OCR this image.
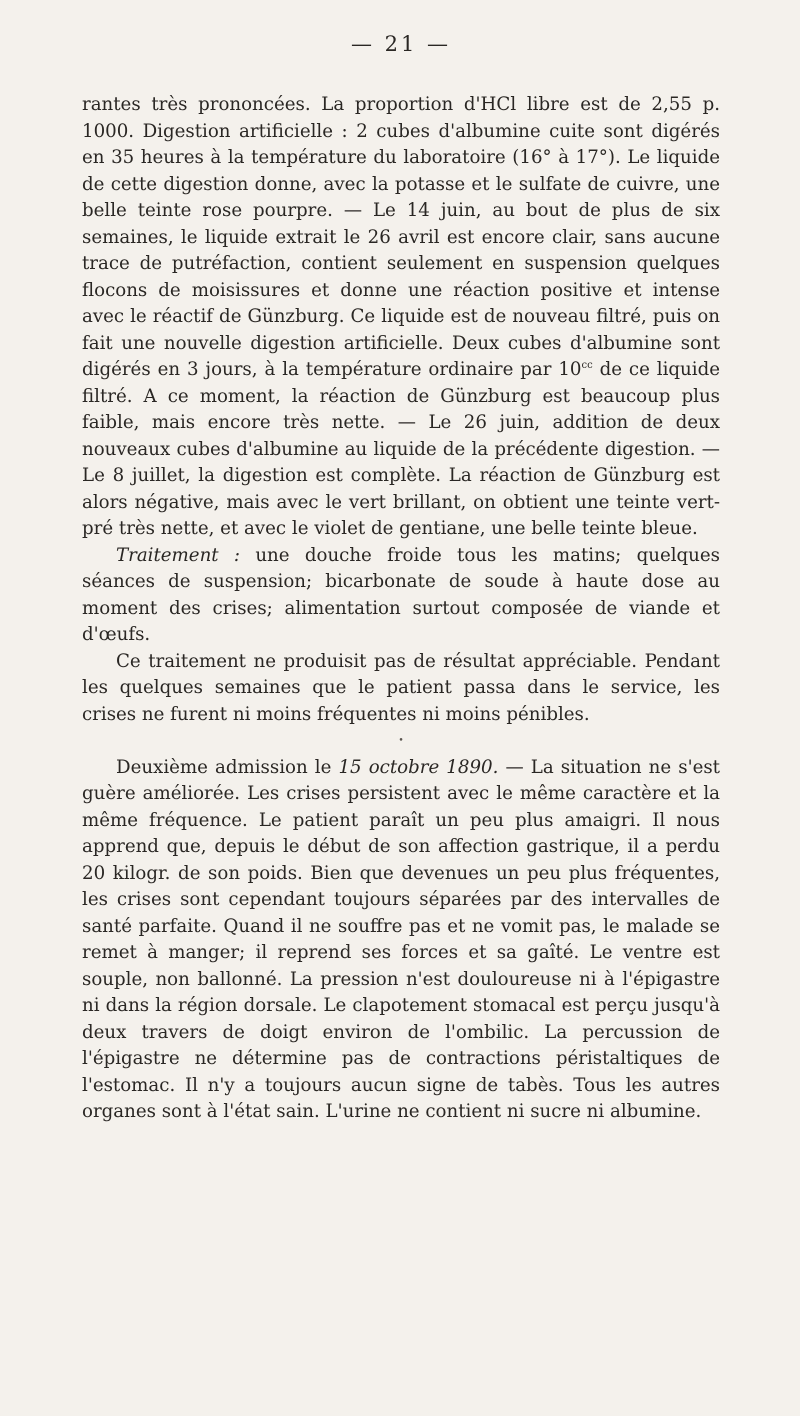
— 21 —

rantes très prononcées. La proportion d'HCl libre est de 2,55 p. 1000. Digestion artificielle : 2 cubes d'albumine cuite sont digérés en 35 heures à la température du laboratoire (16° à 17°). Le liquide de cette digestion donne, avec la potasse et le sulfate de cuivre, une belle teinte rose pourpre. — Le 14 juin, au bout de plus de six semaines, le liquide extrait le 26 avril est encore clair, sans aucune trace de putréfaction, contient seulement en suspension quelques flocons de moisissures et donne une réaction positive et intense avec le réactif de Günzburg. Ce liquide est de nouveau filtré, puis on fait une nouvelle digestion artificielle. Deux cubes d'albumine sont digérés en 3 jours, à la température ordinaire par $10^{cc}$ de ce liquide filtré. A ce moment, la réaction de Günzburg est beaucoup plus faible, mais encore très nette. — Le 26 juin, addition de deux nouveaux cubes d'albumine au liquide de la précédente digestion. — Le 8 juillet, la digestion est complète. La réaction de Günzburg est alors négative, mais avec le vert brillant, on obtient une teinte vert-pré très nette, et avec le violet de gentiane, une belle teinte bleue.

Traitement : une douche froide tous les matins; quelques séances de suspension; bicarbonate de soude à haute dose au moment des crises; alimentation surtout composée de viande et d'œufs.

Ce traitement ne produisit pas de résultat appréciable. Pendant les quelques semaines que le patient passa dans le service, les crises ne furent ni moins fréquentes ni moins pénibles.

•

Deuxième admission le 15 octobre 1890. — La situation ne s'est guère améliorée. Les crises persistent avec le même caractère et la même fréquence. Le patient paraît un peu plus amaigri. Il nous apprend que, depuis le début de son affection gastrique, il a perdu 20 kilogr. de son poids. Bien que devenues un peu plus fréquentes, les crises sont cependant toujours séparées par des intervalles de santé parfaite. Quand il ne souffre pas et ne vomit pas, le malade se remet à manger; il reprend ses forces et sa gaîté. Le ventre est souple, non ballonné. La pression n'est douloureuse ni à l'épigastre ni dans la région dorsale. Le clapotement stomacal est perçu jusqu'à deux travers de doigt environ de l'ombilic. La percussion de l'épigastre ne détermine pas de contractions péristaltiques de l'estomac. Il n'y a toujours aucun signe de tabès. Tous les autres organes sont à l'état sain. L'urine ne contient ni sucre ni albumine.
